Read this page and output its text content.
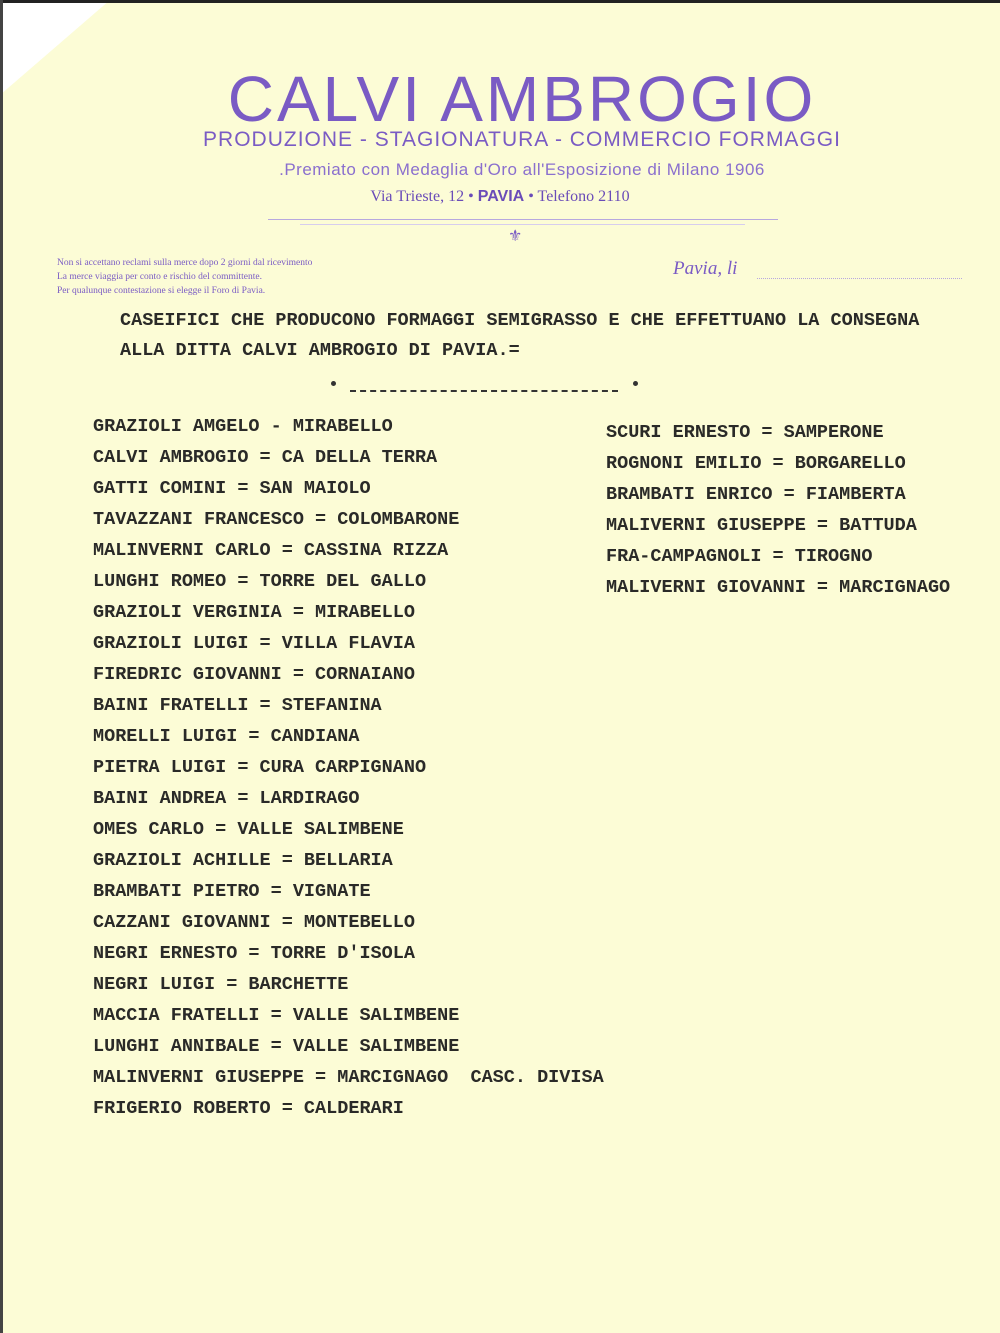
CALVI AMBROGIO
PRODUZIONE - STAGIONATURA - COMMERCIO FORMAGGI
.Premiato con Medaglia d'Oro all'Esposizione di Milano 1906
Via Trieste, 12 • PAVIA • Telefono 2110
⚜
Non si accettano reclami sulla merce dopo 2 giorni dal ricevimento
La merce viaggia per conto e rischio del committente.
Per qualunque contestazione si elegge il Foro di Pavia.
Pavia, li
CASEIFICI CHE PRODUCONO FORMAGGI SEMIGRASSO E CHE EFFETTUANO LA CONSEGNA
ALLA DITTA CALVI AMBROGIO DI PAVIA.=
GRAZIOLI AMGELO - MIRABELLO
CALVI AMBROGIO = CA DELLA TERRA
GATTI COMINI = SAN MAIOLO
TAVAZZANI FRANCESCO = COLOMBARONE
MALINVERNI CARLO = CASSINA RIZZA
LUNGHI ROMEO = TORRE DEL GALLO
GRAZIOLI VERGINIA = MIRABELLO
GRAZIOLI LUIGI = VILLA FLAVIA
FIREDRIC GIOVANNI = CORNAIANO
BAINI FRATELLI = STEFANINA
MORELLI LUIGI = CANDIANA
PIETRA LUIGI = CURA CARPIGNANO
BAINI ANDREA = LARDIRAGO
OMES CARLO = VALLE SALIMBENE
GRAZIOLI ACHILLE = BELLARIA
BRAMBATI PIETRO = VIGNATE
CAZZANI GIOVANNI = MONTEBELLO
NEGRI ERNESTO = TORRE D'ISOLA
NEGRI LUIGI = BARCHETTE
MACCIA FRATELLI = VALLE SALIMBENE
LUNGHI ANNIBALE = VALLE SALIMBENE
MALINVERNI GIUSEPPE = MARCIGNAGO  CASC. DIVISA
FRIGERIO ROBERTO = CALDERARI
SCURI ERNESTO = SAMPERONE
ROGNONI EMILIO = BORGARELLO
BRAMBATI ENRICO = FIAMBERTA
MALIVERNI GIUSEPPE = BATTUDA
FRA-CAMPAGNOLI = TIROGNO
MALIVERNI GIOVANNI = MARCIGNAGO
